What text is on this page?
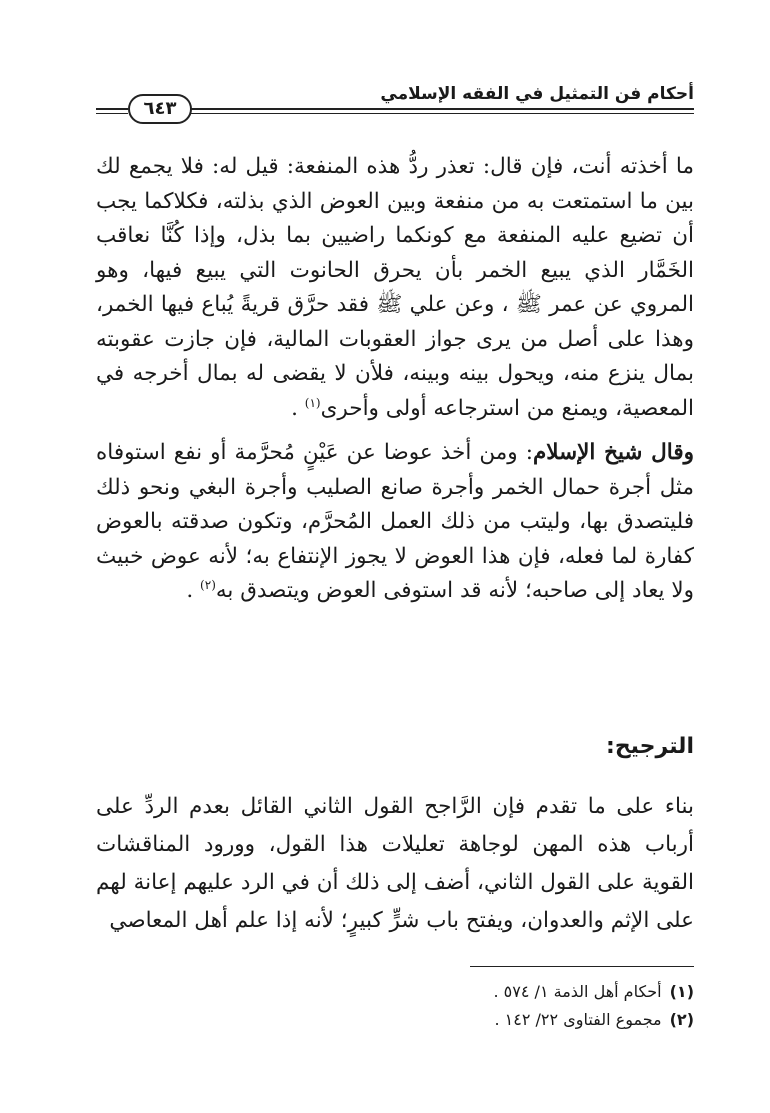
أحكام فن التمثيل في الفقه الإسلامي
٦٤٣

ما أخذته أنت، فإن قال: تعذر ردُّ هذه المنفعة: قيل له: فلا يجمع لك بين ما استمتعت به من منفعة وبين العوض الذي بذلته، فكلاكما يجب أن تضيع عليه المنفعة مع كونكما راضيين بما بذل، وإذا كُنَّا نعاقب الخَمَّار الذي يبيع الخمر بأن يحرق الحانوت التي يبيع فيها، وهو المروي عن عمر ﷺ ، وعن علي ﷺ فقد حرَّق قريةً يُباع فيها الخمر، وهذا على أصل من يرى جواز العقوبات المالية، فإن جازت عقوبته بمال ينزع منه، ويحول بينه وبينه، فلأن لا يقضى له بمال أخرجه في المعصية، ويمنع من استرجاعه أولى وأحرى$^{(١)}$ .

وقال شيخ الإسلام: ومن أخذ عوضا عن عَيْنٍ مُحرَّمة أو نفع استوفاه مثل أجرة حمال الخمر وأجرة صانع الصليب وأجرة البغي ونحو ذلك فليتصدق بها، وليتب من ذلك العمل المُحرَّم، وتكون صدقته بالعوض كفارة لما فعله، فإن هذا العوض لا يجوز الإنتفاع به؛ لأنه عوض خبيث ولا يعاد إلى صاحبه؛ لأنه قد استوفى العوض ويتصدق به$^{(٢)}$ .

الترجيح:

بناء على ما تقدم فإن الرَّاجح القول الثاني القائل بعدم الردِّ على أرباب هذه المهن لوجاهة تعليلات هذا القول، وورود المناقشات القوية على القول الثاني، أضف إلى ذلك أن في الرد عليهم إعانة لهم على الإثم والعدوان، ويفتح باب شرٍّ كبيرٍ؛ لأنه إذا علم أهل المعاصي

(١)أحكام أهل الذمة ١/ ٥٧٤ .
(٢)مجموع الفتاوى ٢٢/ ١٤٢ .
